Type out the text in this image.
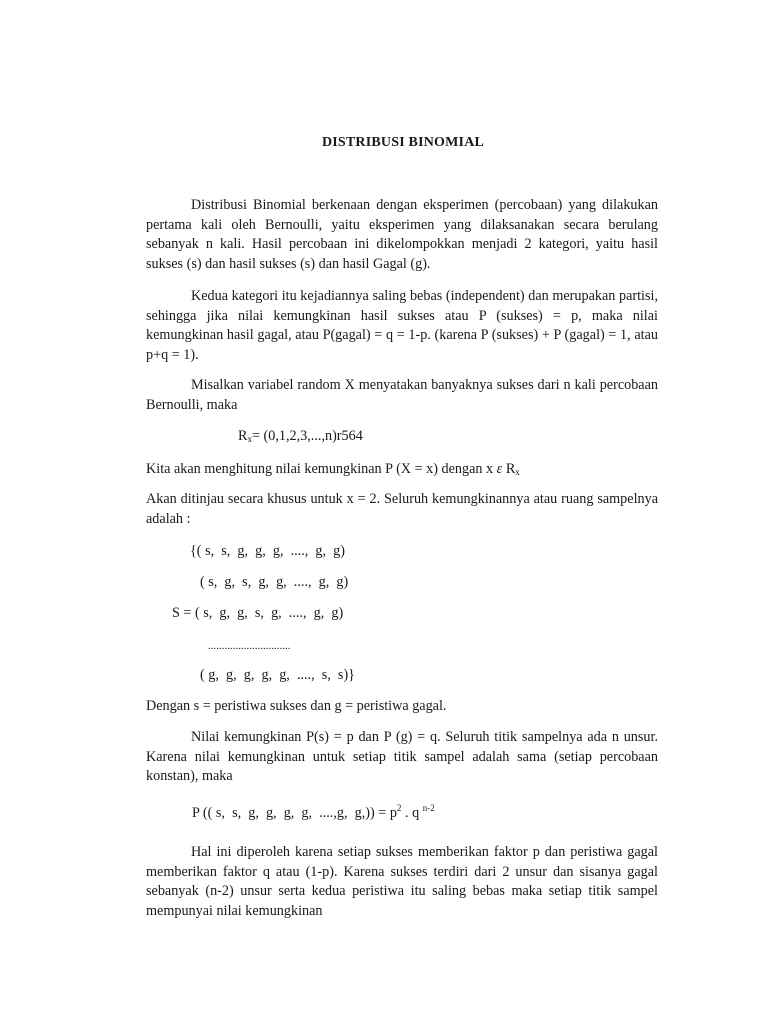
DISTRIBUSI BINOMIAL
Distribusi Binomial berkenaan dengan eksperimen (percobaan) yang dilakukan pertama kali oleh Bernoulli, yaitu eksperimen yang dilaksanakan secara berulang sebanyak n kali. Hasil percobaan ini dikelompokkan menjadi 2 kategori, yaitu hasil sukses (s) dan hasil sukses (s) dan hasil Gagal (g).
Kedua kategori itu kejadiannya saling bebas (independent) dan merupakan partisi, sehingga jika nilai kemungkinan hasil sukses atau P (sukses) = p, maka nilai kemungkinan hasil gagal, atau P(gagal) = q = 1-p. (karena P (sukses) + P (gagal) = 1, atau p+q = 1).
Misalkan variabel random X menyatakan banyaknya sukses dari n kali percobaan Bernoulli, maka
$R_x= (0,1,2,3,...,n)r564$
Kita akan menghitung nilai kemungkinan P (X = x) dengan x ε $R_x$
Akan ditinjau secara khusus untuk x = 2. Seluruh kemungkinannya atau ruang sampelnya adalah :
{( s,  s,  g,  g,  g,  ....,  g,  g)
( s,  g,  s,  g,  g,  ....,  g,  g)
S = ( s,  g,  g,  s,  g,  ....,  g,  g)
..............................
( g,  g,  g,  g,  g,  ....,  s,  s)}
Dengan s = peristiwa sukses dan g = peristiwa gagal.
Nilai kemungkinan P(s) = p dan P (g) = q. Seluruh titik sampelnya ada n unsur. Karena nilai kemungkinan untuk setiap titik sampel adalah sama (setiap percobaan konstan), maka
P (( s,  s,  g,  g,  g,  g,  ....,g,  $g,)) = p^2$ . q $^{n-2}$
Hal ini diperoleh karena setiap sukses memberikan faktor p dan peristiwa gagal memberikan faktor q atau (1-p). Karena sukses terdiri dari 2 unsur dan sisanya gagal sebanyak (n-2) unsur serta kedua peristiwa itu saling bebas maka setiap titik sampel mempunyai nilai kemungkinan
